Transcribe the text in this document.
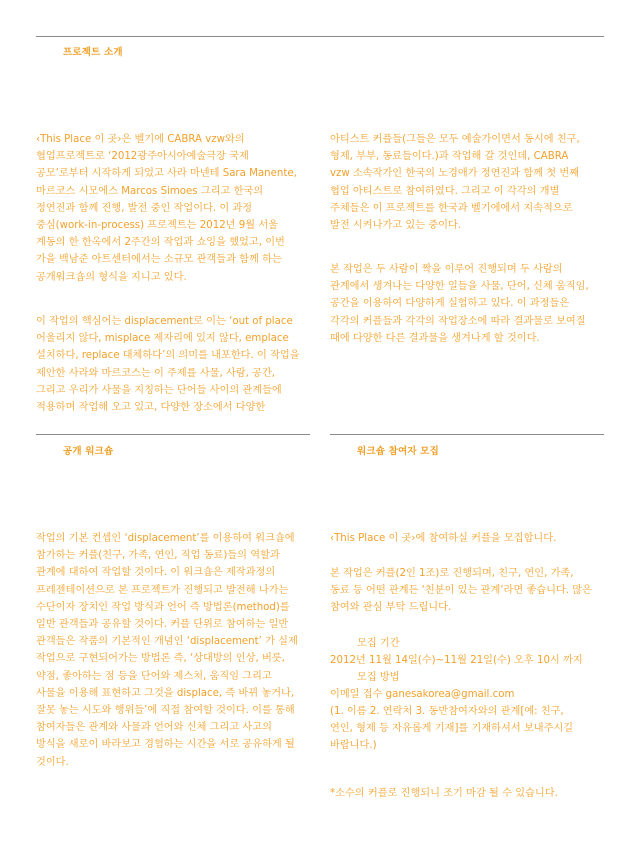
프로젝트 소개
공개 워크숍	워크숍 참여자 모집
‹This Place 이 곳›은 벨기에 CABRA vzw와의
협업프로젝트로 ‘2012광주아시아예술극장 국제
공모’로부터 시작하게 되었고 사라 마넨테 Sara Manente,
마르코스 시모에스 Marcos Simoes 그리고 한국의
정연진과 함께 진행, 발전 중인 작업이다. 이 과정
중심(work-in-process) 프로젝트는 2012년 9월 서울
계동의 한 한옥에서 2주간의 작업과 쇼잉을 했었고, 이번
가을 백남준 아트센터에서는 소규모 관객들과 함께 하는
공개워크숍의 형식을 지니고 있다.
이 작업의 핵심어는 displacement로 이는 ‘out of place
어울리지 않다, misplace 제자리에 있지 않다, emplace
설치하다, replace 대체하다’의 의미를 내포한다. 이 작업을
제안한 사라와 마르코스는 이 주제를 사물, 사람, 공간,
그리고 우리가 사물을 지칭하는 단어들 사이의 관계들에
적용하며 작업해 오고 있고, 다양한 장소에서 다양한
아티스트 커플들(그들은 모두 예술가이면서 동시에 친구,
형제, 부부, 동료들이다.)과 작업해 갈 것인데, CABRA
vzw 소속작가인 한국의 노경애가 정연진과 함께 첫 번째
협업 아티스트로 참여하였다. 그리고 이 각각의 개별
주체들은 이 프로젝트를 한국과 벨기에에서 지속적으로
발전 시켜나가고 있는 중이다.
본 작업은 두 사람이 짝을 이루어 진행되며 두 사람의
관계에서 생겨나는 다양한 일들을 사물, 단어, 신체 움직임,
공간을 이용하여 다양하게 실험하고 있다. 이 과정들은
각각의 커플들과 각각의 작업장소에 따라 결과물로 보여질
때에 다양한 다른 결과물을 생겨나게 할 것이다.
작업의 기본 컨셉인 ‘displacement’를 이용하여 워크숍에
참가하는 커플(친구, 가족, 연인, 직업 동료)들의 역할과
관계에 대하여 작업할 것이다. 이 워크숍은 제작과정의
프레젠테이션으로 본 프로젝트가 진행되고 발전해 나가는
수단이자 장치인 작업 방식과 언어 즉 방법론(method)를
일반 관객들과 공유할 것이다. 커플 단위로 참여하는 일반
관객들은 작품의 기본적인 개념인 ‘displacement’ 가 실제
작업으로 구현되어가는 방법론 즉, ‘상대방의 인상, 버릇,
약점, 좋아하는 점 등을 단어와 제스처, 움직임 그리고
사물을 이용해 표현하고 그것을 displace, 즉 바뀌 놓거나,
잘못 놓는 시도와 행위들’에 직접 참여할 것이다. 이를 통해
참여자들은 관계와 사물과 언어와 신체 그리고 사고의
방식을 새로이 바라보고 경험하는 시간을 서로 공유하게 될
것이다.
‹This Place 이 곳›에 참여하실 커플을 모집합니다.
본 작업은 커플(2인 1조)로 진행되며, 친구, 연인, 가족,
동료 등 어떤 관계든 ‘친분이 있는 관계’라면 좋습니다. 많은
참여와 관심 부탁 드립니다.
모집 기간
2012년 11월 14일(수)~11월 21일(수) 오후 10시 까지
모집 방법
이메일 접수 ganesakorea@gmail.com
(1. 이름 2. 연락처 3. 동반참여자와의 관계[예: 친구,
연인, 형제 등 자유롭게 기재]를 기재하셔서 보내주시길
바랍니다.)
*소수의 커플로 진행되니 조기 마감 될 수 있습니다.
